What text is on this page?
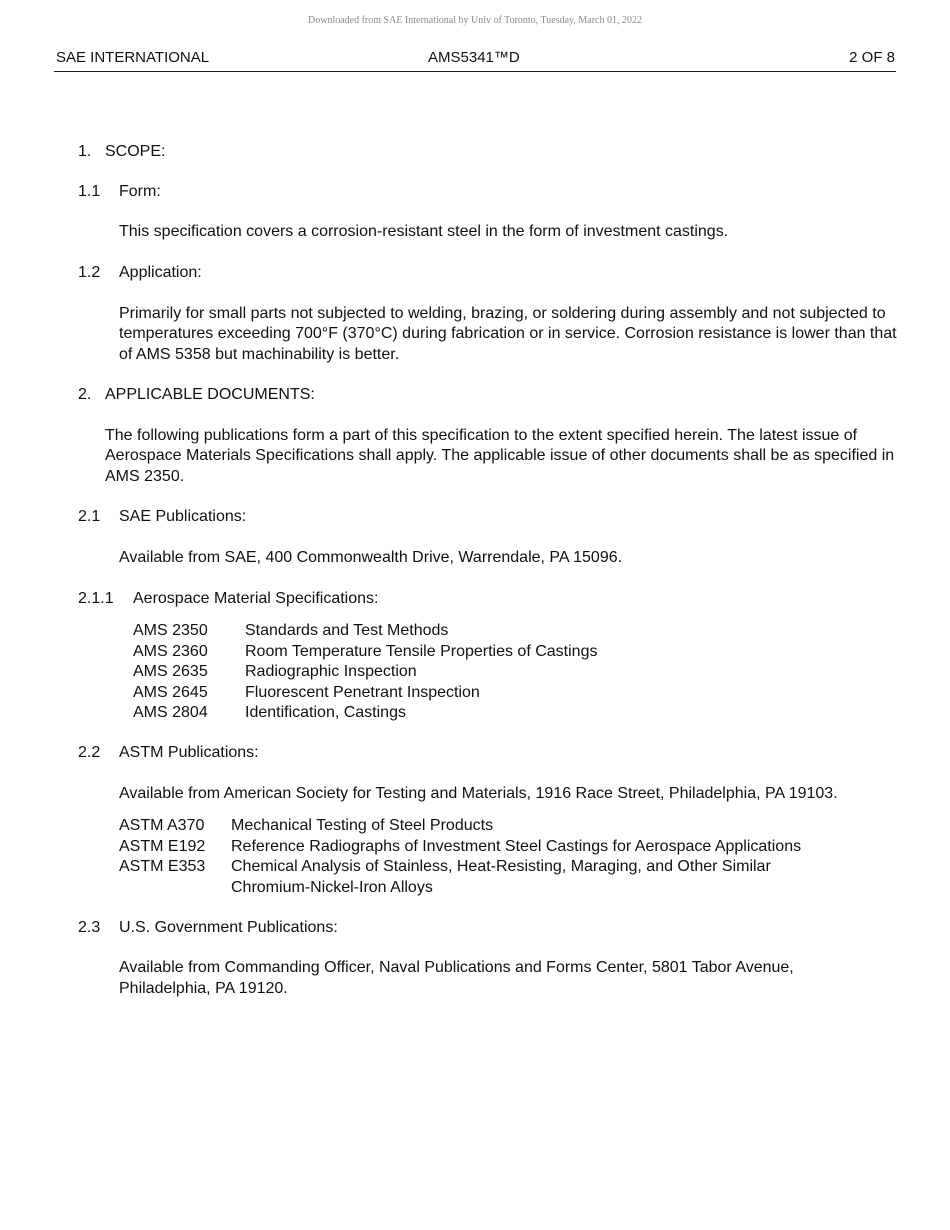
Downloaded from SAE International by Univ of Toronto, Tuesday, March 01, 2022
SAE INTERNATIONAL	AMS5341™D	2 OF 8
1. SCOPE:
1.1	Form:
This specification covers a corrosion-resistant steel in the form of investment castings.
1.2	Application:
Primarily for small parts not subjected to welding, brazing, or soldering during assembly and not subjected to temperatures exceeding 700°F (370°C) during fabrication or in service. Corrosion resistance is lower than that of AMS 5358 but machinability is better.
2. APPLICABLE DOCUMENTS:
The following publications form a part of this specification to the extent specified herein. The latest issue of Aerospace Materials Specifications shall apply. The applicable issue of other documents shall be as specified in AMS 2350.
2.1	SAE Publications:
Available from SAE, 400 Commonwealth Drive, Warrendale, PA 15096.
2.1.1	Aerospace Material Specifications:
AMS 2350	Standards and Test Methods
AMS 2360	Room Temperature Tensile Properties of Castings
AMS 2635	Radiographic Inspection
AMS 2645	Fluorescent Penetrant Inspection
AMS 2804	Identification, Castings
2.2	ASTM Publications:
Available from American Society for Testing and Materials, 1916 Race Street, Philadelphia, PA 19103.
ASTM A370	Mechanical Testing of Steel Products
ASTM E192	Reference Radiographs of Investment Steel Castings for Aerospace Applications
ASTM E353	Chemical Analysis of Stainless, Heat-Resisting, Maraging, and Other Similar Chromium-Nickel-Iron Alloys
2.3	U.S. Government Publications:
Available from Commanding Officer, Naval Publications and Forms Center, 5801 Tabor Avenue, Philadelphia, PA 19120.
